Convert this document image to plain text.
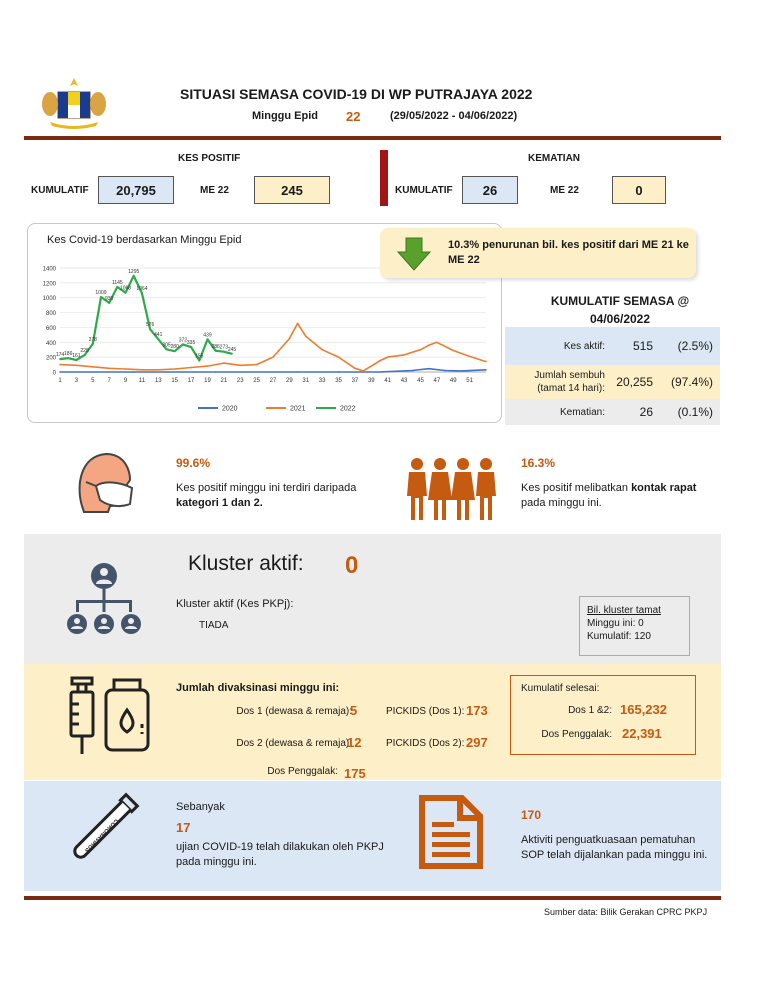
SITUASI SEMASA COVID-19 DI WP PUTRAJAYA 2022
Minggu Epid 22	(29/05/2022 - 04/06/2022)
KES POSITIF
KUMULATIF	20,795	ME 22	245
KEMATIAN
KUMULATIF	26	ME 22	0
Kes Covid-19 berdasarkan Minggu Epid
0
200
400
600
800
1000
1200
1400
1 3 5 7 9 11 13 15 17 19 21 23 25 27 29 31 33 35 37 39 41 43 45 47 49 51
174 186 161
228
378
1009
930
1145
1068
1295
1064
576
441
305 280
372 335
155
439
286 273 245
2020	2021	2022
10.3% penurunan bil. kes positif dari ME 21 ke ME 22
KUMULATIF SEMASA @
04/06/2022
Kes aktif:	515	(2.5%)
Jumlah sembuh (tamat 14 hari): 20,255	(97.4%)
Kematian:	26	(0.1%)
99.6%
Kes positif minggu ini terdiri daripada kategori 1 dan 2.
16.3%
Kes positif melibatkan kontak rapat
pada minggu ini.
Kluster aktif: 0
Kluster aktif (Kes PKPj):
TIADA
Bil. kluster tamat
Minggu ini: 0
Kumulatif: 120
Jumlah divaksinasi minggu ini:
Dos 1 (dewasa & remaja):
5
Dos 2 (dewasa & remaja):
12
Dos Penggalak: 175
PICKIDS (Dos 1): 173
PICKIDS (Dos 2): 297
Kumulatif selesai:
Dos 1 &2: 165,232
Dos Penggalak: 22,391
CORONAVIRUS
Sebanyak
17
ujian COVID-19 telah dilakukan oleh PKPJ pada minggu ini.
170
Aktiviti penguatkuasaan pematuhan SOP telah dijalankan pada minggu ini.
Sumber data: Bilik Gerakan CPRC PKPJ
